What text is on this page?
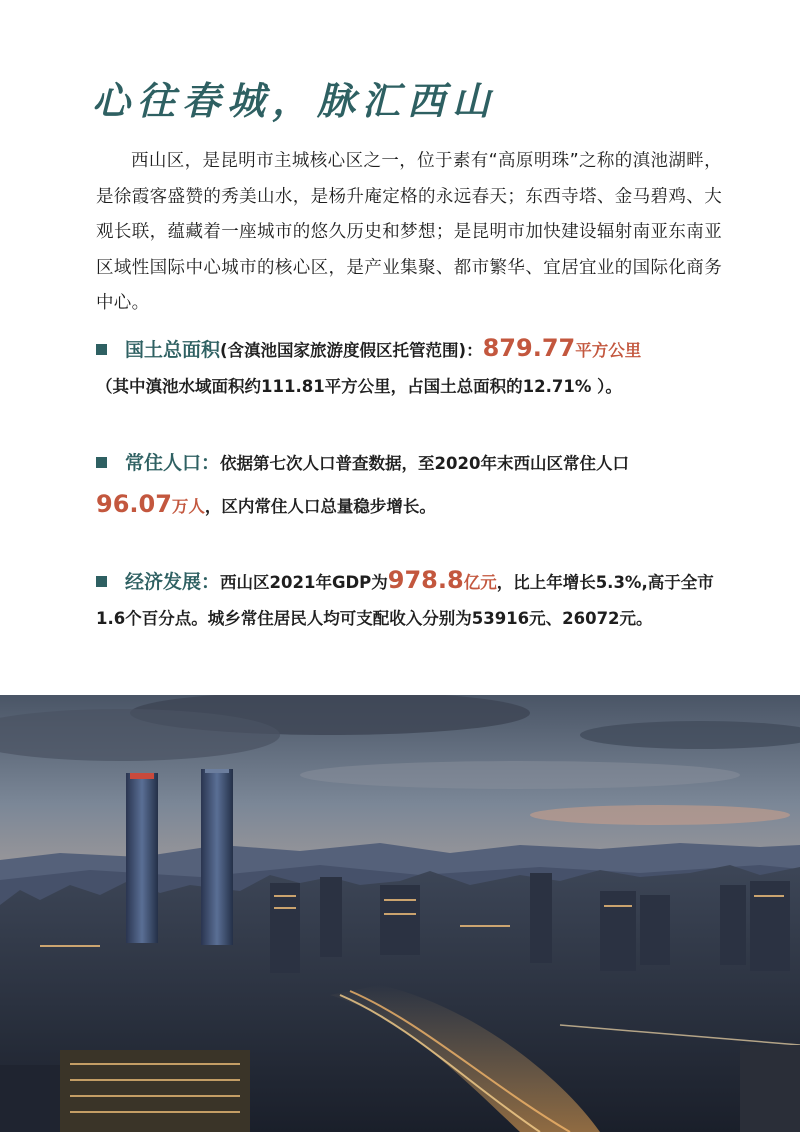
心往春城，脉汇西山
西山区，是昆明市主城核心区之一，位于素有“高原明珠”之称的滇池湖畔，是徐霞客盛赞的秀美山水，是杨升庵定格的永远春天；东西寺塔、金马碧鸡、大观长联，蕴藏着一座城市的悠久历史和梦想；是昆明市加快建设辐射南亚东南亚区域性国际中心城市的核心区，是产业集聚、都市繁华、宜居宜业的国际化商务中心。
国土总面积(含滇池国家旅游度假区托管范围)：879.77平方公里
（其中滇池水域面积约111.81平方公里，占国土总面积的12.71% ）。
常住人口：依据第七次人口普查数据，至2020年末西山区常住人口
96.07万人，区内常住人口总量稳步增长。
经济发展：西山区2021年GDP为978.8亿元，比上年增长5.3%,高于全市1.6个百分点。城乡常住居民人均可支配收入分别为53916元、26072元。
